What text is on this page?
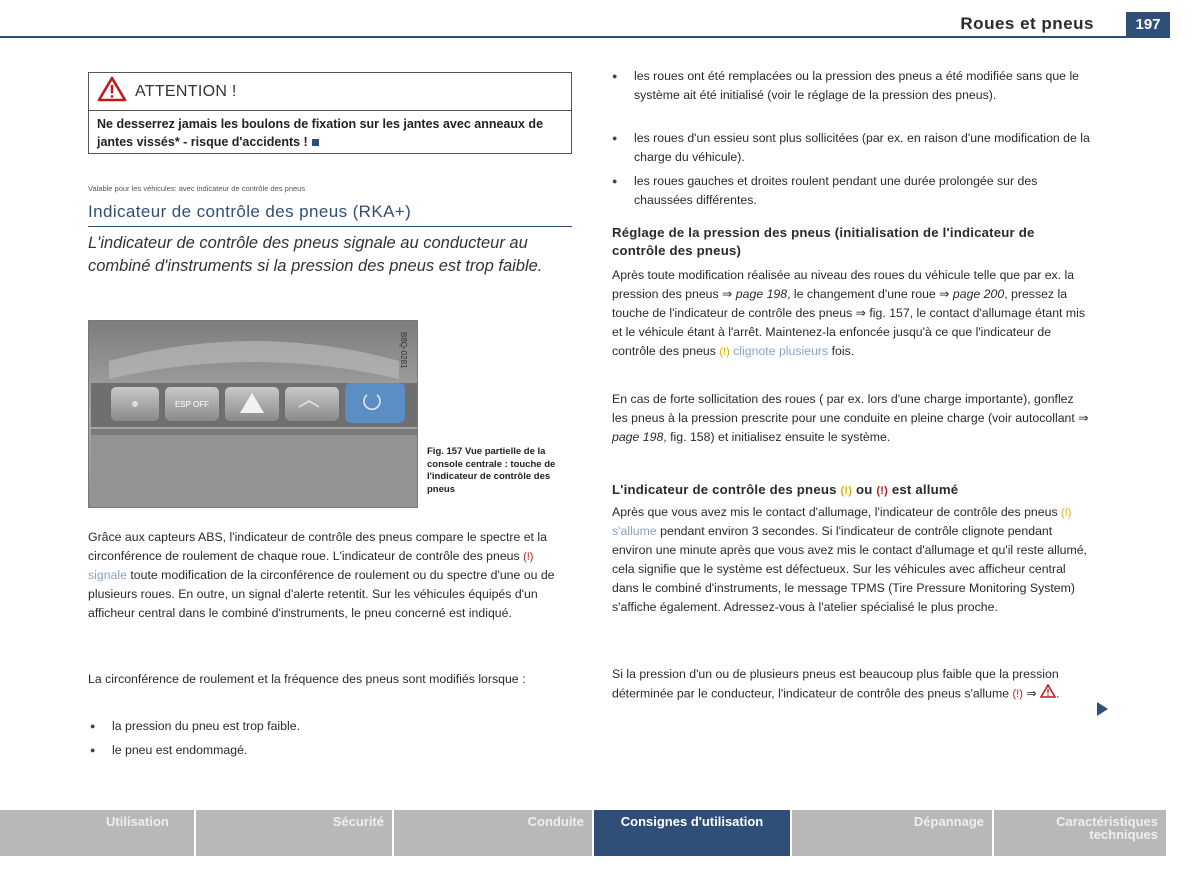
Roues et pneus	197
ATTENTION !
Ne desserrez jamais les boulons de fixation sur les jantes avec anneaux de jantes vissés* - risque d'accidents !
Valable pour les véhicules: avec indicateur de contrôle des pneus
Indicateur de contrôle des pneus (RKA+)
L'indicateur de contrôle des pneus signale au conducteur au combiné d'instruments si la pression des pneus est trop faible.
ESP OFF
B8Q-0281
Fig. 157 Vue partielle de la console centrale : touche de l'indicateur de contrôle des pneus
Grâce aux capteurs ABS, l'indicateur de contrôle des pneus compare le spectre et la circonférence de roulement de chaque roue. L'indicateur de contrôle des pneus (!) signale toute modification de la circonférence de roulement ou du spectre d'une ou de plusieurs roues. En outre, un signal d'alerte retentit. Sur les véhicules équipés d'un afficheur central dans le combiné d'instruments, le pneu concerné est indiqué.
La circonférence de roulement et la fréquence des pneus sont modifiés lorsque :
● la pression du pneu est trop faible.
● le pneu est endommagé.
● les roues ont été remplacées ou la pression des pneus a été modifiée sans que le système ait été initialisé (voir le réglage de la pression des pneus).
● les roues d'un essieu sont plus sollicitées (par ex. en raison d'une modification de la charge du véhicule).
● les roues gauches et droites roulent pendant une durée prolongée sur des chaussées différentes.
Réglage de la pression des pneus (initialisation de l'indicateur de contrôle des pneus)
Après toute modification réalisée au niveau des roues du véhicule telle que par ex. la pression des pneus ⇒ page 198, le changement d'une roue ⇒ page 200, pressez la touche de l'indicateur de contrôle des pneus ⇒ fig. 157, le contact d'allumage étant mis et le véhicule étant à l'arrêt. Maintenez-la enfoncée jusqu'à ce que l'indicateur de contrôle des pneus (!) clignote plusieurs fois.
En cas de forte sollicitation des roues ( par ex. lors d'une charge importante), gonflez les pneus à la pression prescrite pour une conduite en pleine charge (voir autocollant ⇒ page 198, fig. 158) et initialisez ensuite le système.
L'indicateur de contrôle des pneus (!) ou (!) est allumé
Après que vous avez mis le contact d'allumage, l'indicateur de contrôle des pneus (!) s'allume pendant environ 3 secondes. Si l'indicateur de contrôle clignote pendant environ une minute après que vous avez mis le contact d'allumage et qu'il reste allumé, cela signifie que le système est défectueux. Sur les véhicules avec afficheur central dans le combiné d'instruments, le message TPMS (Tire Pressure Monitoring System) s'affiche également. Adressez-vous à l'atelier spécialisé le plus proche.
Si la pression d'un ou de plusieurs pneus est beaucoup plus faible que la pression déterminée par le conducteur, l'indicateur de contrôle des pneus s'allume (!) ⇒ .
Utilisation	Sécurité	Conduite	Consignes d'utilisation	Dépannage	Caractéristiques techniques
